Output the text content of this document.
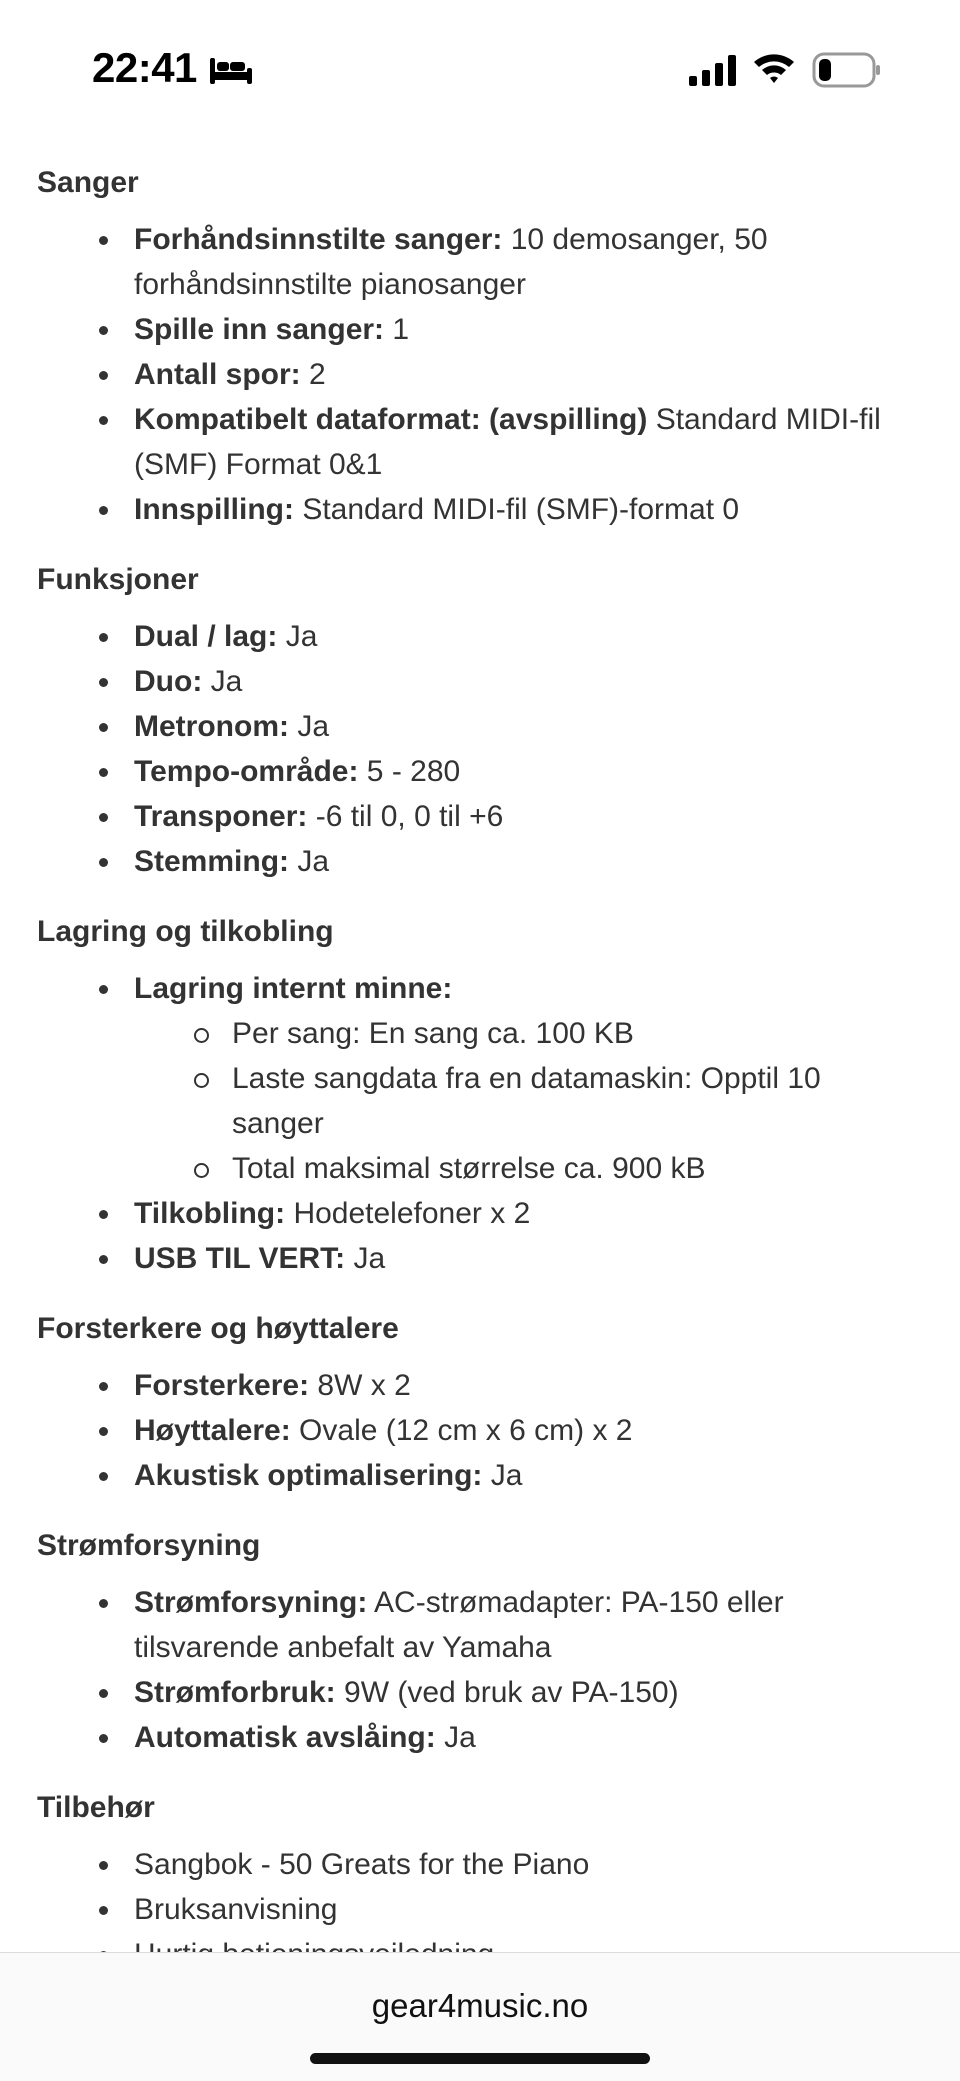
22:41
Sanger
Forhåndsinnstilte sanger: 10 demosanger, 50 forhåndsinnstilte pianosanger
Spille inn sanger: 1
Antall spor: 2
Kompatibelt dataformat: (avspilling) Standard MIDI-fil (SMF) Format 0&1
Innspilling: Standard MIDI-fil (SMF)-format 0
Funksjoner
Dual / lag: Ja
Duo: Ja
Metronom: Ja
Tempo-område: 5 - 280
Transponer: -6 til 0, 0 til +6
Stemming: Ja
Lagring og tilkobling
Lagring internt minne:
Per sang: En sang ca. 100 KB
Laste sangdata fra en datamaskin: Opptil 10 sanger
Total maksimal størrelse ca. 900 kB
Tilkobling: Hodetelefoner x 2
USB TIL VERT: Ja
Forsterkere og høyttalere
Forsterkere: 8W x 2
Høyttalere: Ovale (12 cm x 6 cm) x 2
Akustisk optimalisering: Ja
Strømforsyning
Strømforsyning: AC-strømadapter: PA-150 eller tilsvarende anbefalt av Yamaha
Strømforbruk: 9W (ved bruk av PA-150)
Automatisk avslåing: Ja
Tilbehør
Sangbok - 50 Greats for the Piano
Bruksanvisning
gear4music.no
